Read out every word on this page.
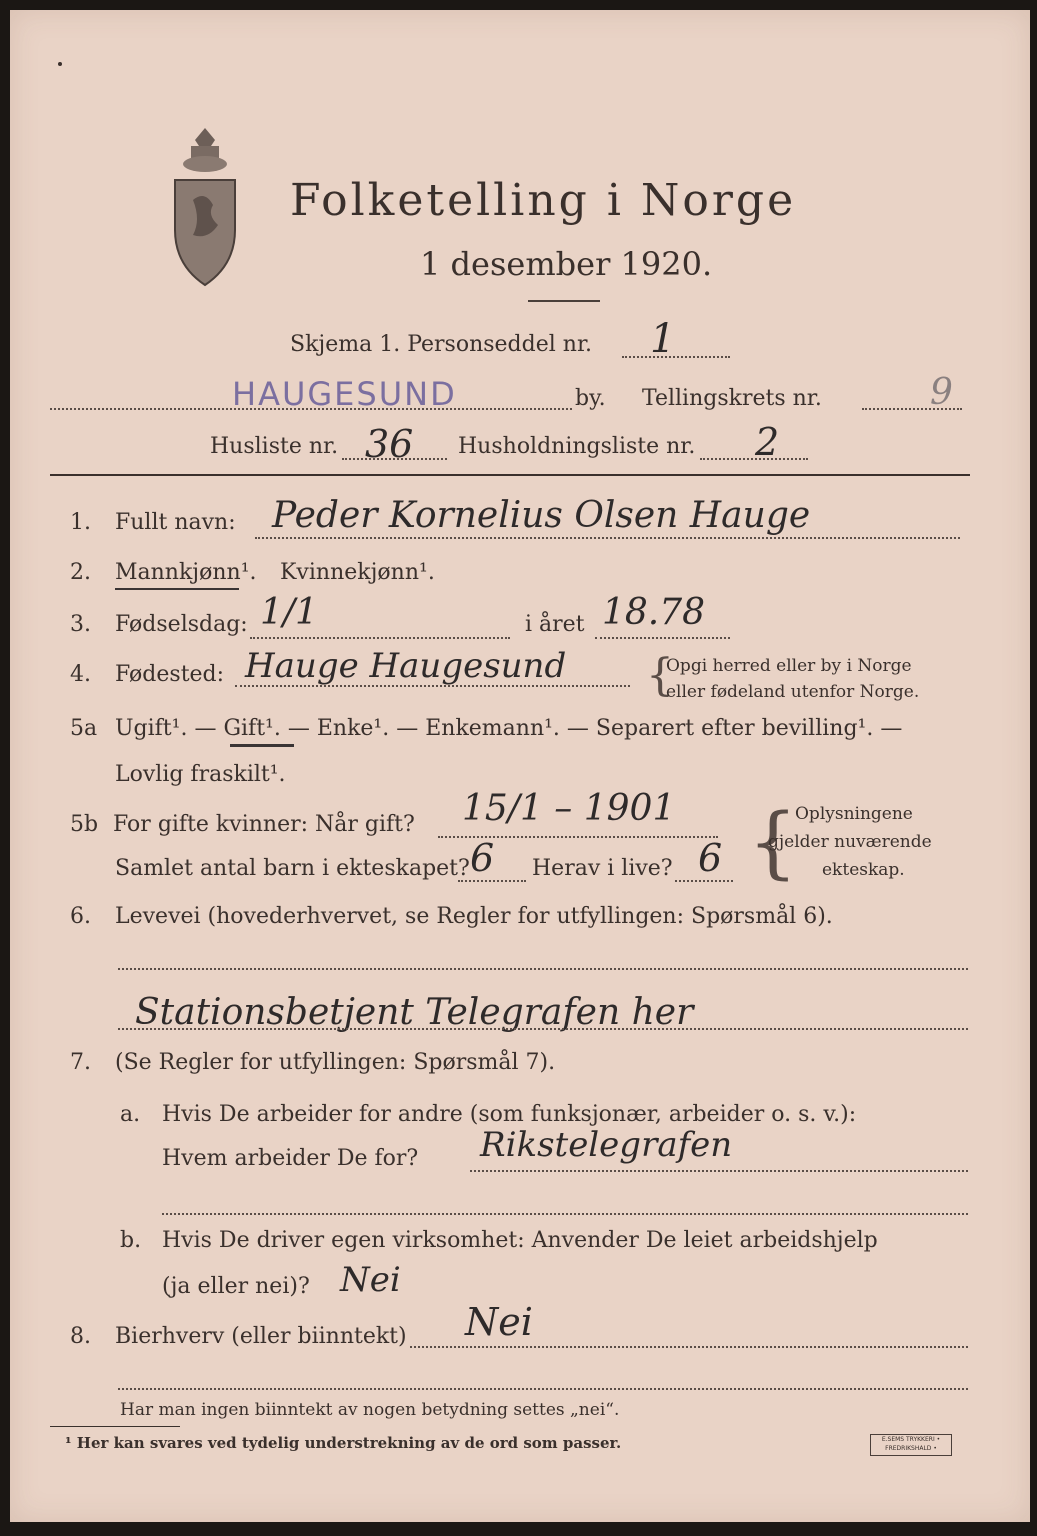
Folketelling i Norge
1 desember 1920.
Skjema 1. Personseddel nr. 1
HAUGESUND	by. Tellingskrets nr.	9
Husliste nr. 36 Husholdningsliste nr. 2
1. Fullt navn: Peder Kornelius Olsen Hauge
2. Mannkjønn¹. Kvinnekjønn¹.
3. Fødselsdag: 1/1	i året 18.78
4. Fødested: Hauge Haugesund {
Opgi herred eller by i Norge
eller fødeland utenfor Norge.
5a Ugift¹. — Gift¹. — Enke¹. — Enkemann¹. — Separert efter bevilling¹. —
Lovlig fraskilt¹.
5b For gifte kvinner: Når gift? 15/1 – 1901
Samlet antal barn i ekteskapet? 6 Herav i live? 6 {
Oplysningene
gjelder nuværende
ekteskap.
6. Levevei (hovederhvervet, se Regler for utfyllingen: Spørsmål 6).
Stationsbetjent Telegrafen her
7. (Se Regler for utfyllingen: Spørsmål 7).
a. Hvis De arbeider for andre (som funksjonær, arbeider o. s. v.):
Hvem arbeider De for? Rikstelegrafen
b. Hvis De driver egen virksomhet: Anvender De leiet arbeidshjelp
(ja eller nei)? Nei
8. Bierhverv (eller biinntekt) Nei
Har man ingen biinntekt av nogen betydning settes „nei“.
¹ Her kan svares ved tydelig understrekning av de ord som passer.	E.SEMS TRYKKERI • FREDRIKSHALD •
